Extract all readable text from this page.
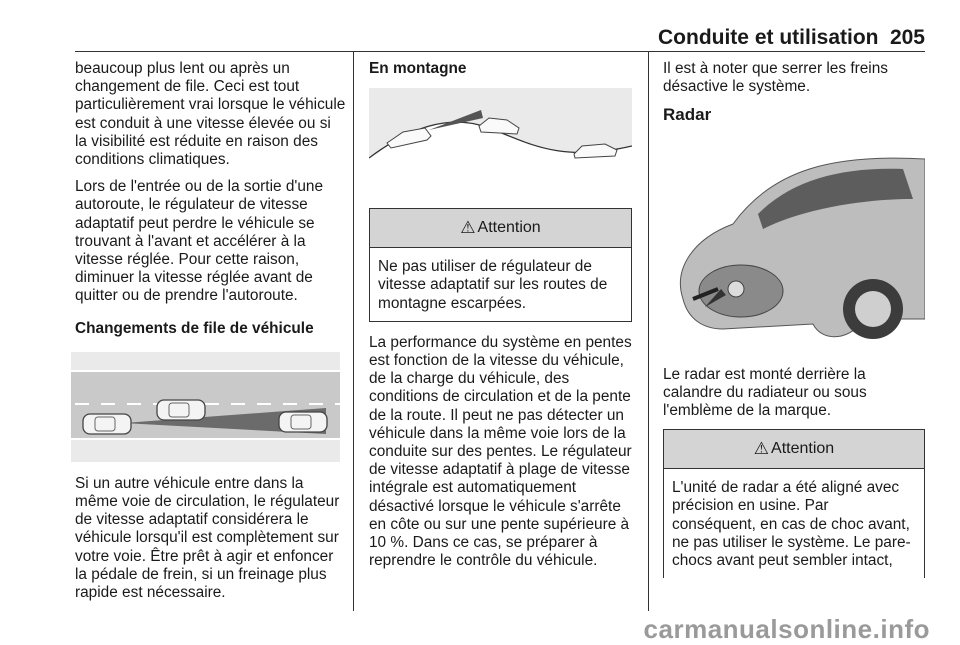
Conduite et utilisation 205

beaucoup plus lent ou après un changement de file. Ceci est tout particulièrement vrai lorsque le véhicule est conduit à une vitesse élevée ou si la visibilité est réduite en raison des conditions climatiques.

Lors de l'entrée ou de la sortie d'une autoroute, le régulateur de vitesse adaptatif peut perdre le véhicule se trouvant à l'avant et accélérer à la vitesse réglée. Pour cette raison, diminuer la vitesse réglée avant de quitter ou de prendre l'autoroute.

Changements de file de véhicule

Si un autre véhicule entre dans la même voie de circulation, le régulateur de vitesse adaptatif considérera le véhicule lorsqu'il est complètement sur votre voie. Être prêt à agir et enfoncer la pédale de frein, si un freinage plus rapide est nécessaire.

En montagne
⚠ Attention
Ne pas utiliser de régulateur de vitesse adaptatif sur les routes de montagne escarpées.

La performance du système en pentes est fonction de la vitesse du véhicule, de la charge du véhicule, des conditions de circulation et de la pente de la route. Il peut ne pas détecter un véhicule dans la même voie lors de la conduite sur des pentes. Le régulateur de vitesse adaptatif à plage de vitesse intégrale est automatiquement désactivé lorsque le véhicule s'arrête en côte ou sur une pente supérieure à 10 %. Dans ce cas, se préparer à reprendre le contrôle du véhicule.

Il est à noter que serrer les freins désactive le système.

Radar

Le radar est monté derrière la calandre du radiateur ou sous l'emblème de la marque.

⚠ Attention
L'unité de radar a été aligné avec précision en usine. Par conséquent, en cas de choc avant, ne pas utiliser le système. Le pare-chocs avant peut sembler intact,
carmanualsonline.info
